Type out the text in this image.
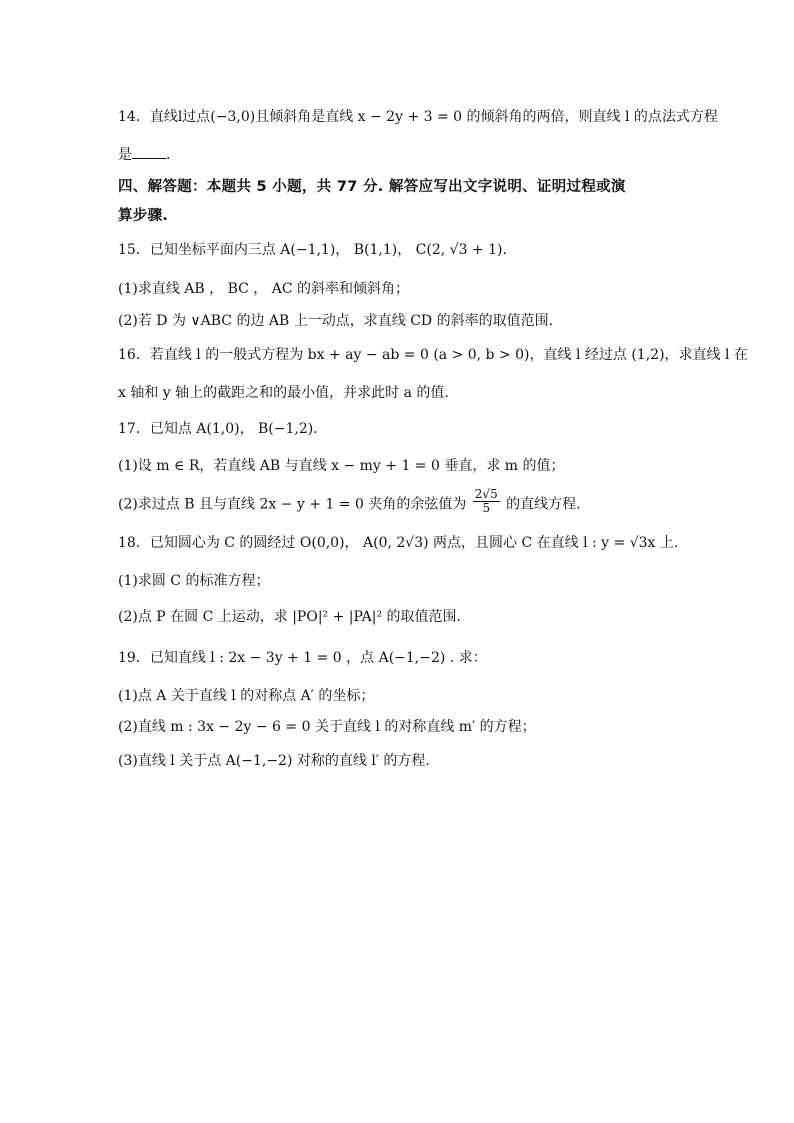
14．直线l过点(−3,0)且倾斜角是直线 x − 2y + 3 = 0 的倾斜角的两倍，则直线 l 的点法式方程
是 ．
四、解答题：本题共 5 小题，共 77 分. 解答应写出文字说明、证明过程或演
算步骤.
15．已知坐标平面内三点 A(−1,1)， B(1,1)， C(2, √3 + 1).
(1)求直线 AB ， BC ， AC 的斜率和倾斜角；
(2)若 D 为 ∨ABC 的边 AB 上一动点，求直线 CD 的斜率的取值范围.
16．若直线 l 的一般式方程为 bx + ay − ab = 0 (a > 0, b > 0)，直线 l 经过点 (1,2)，求直线 l 在
x 轴和 y 轴上的截距之和的最小值，并求此时 a 的值.
17．已知点 A(1,0)， B(−1,2).
(1)设 m ∈ R，若直线 AB 与直线 x − my + 1 = 0 垂直，求 m 的值；
(2)求过点 B 且与直线 2x − y + 1 = 0 夹角的余弦值为 $\frac{2√5}{5}$ 的直线方程.
18．已知圆心为 C 的圆经过 O(0,0)， A(0, 2√3) 两点，且圆心 C 在直线 l : y = √3x 上.
(1)求圆 C 的标准方程；
(2)点 P 在圆 C 上运动，求 |PO|² + |PA|² 的取值范围.
19．已知直线 l : 2x − 3y + 1 = 0 ，点 A(−1,−2) . 求：
(1)点 A 关于直线 l 的对称点 A′ 的坐标；
(2)直线 m : 3x − 2y − 6 = 0 关于直线 l 的对称直线 m′ 的方程；
(3)直线 l 关于点 A(−1,−2) 对称的直线 l′ 的方程.
